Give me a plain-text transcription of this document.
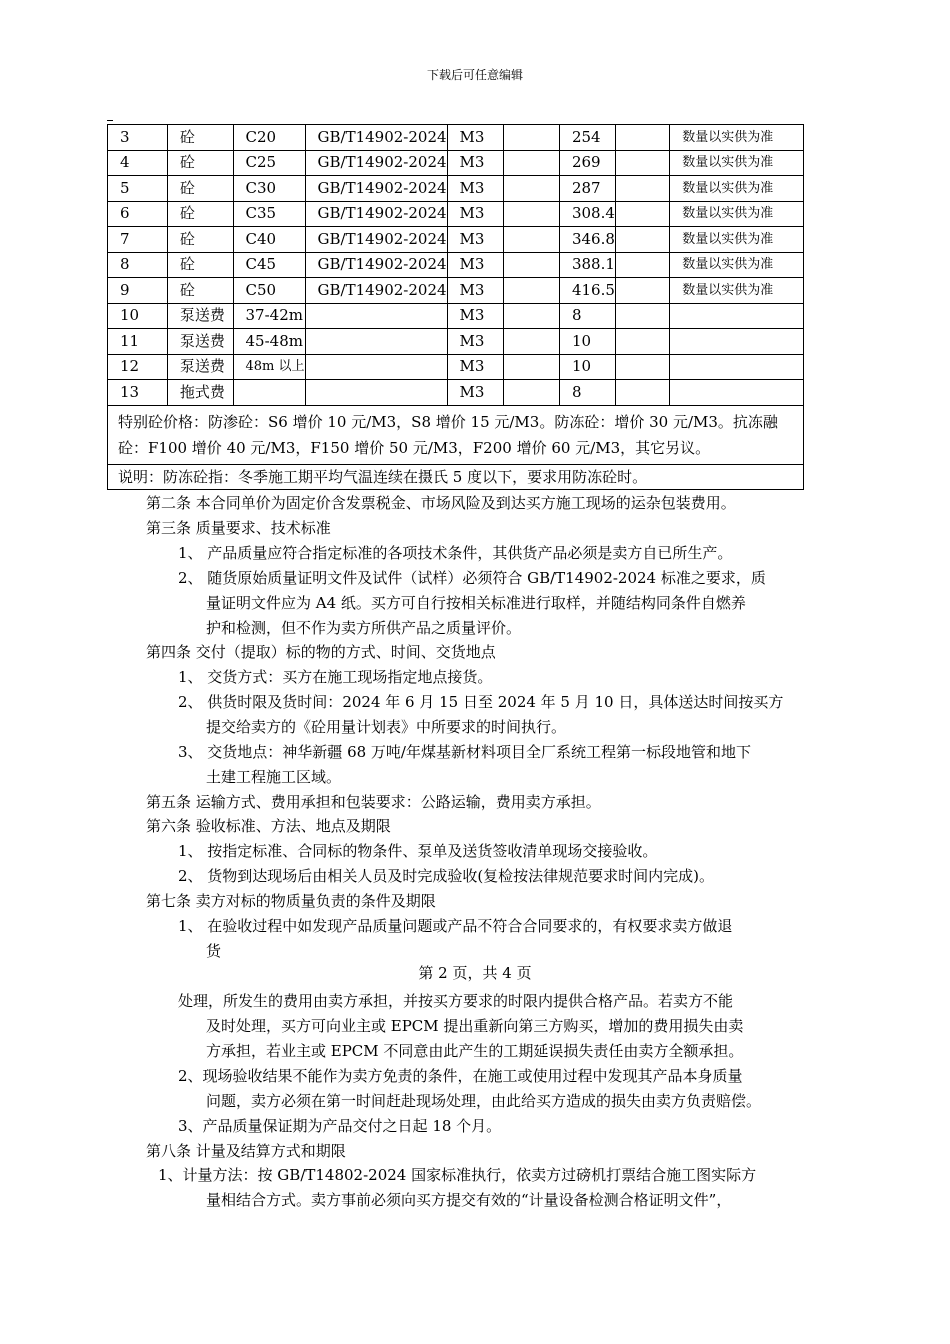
下载后可任意编辑
3	砼	C20	GB/T14902-2024	M3		254		数量以实供为准
4	砼	C25	GB/T14902-2024	M3		269		数量以实供为准
5	砼	C30	GB/T14902-2024	M3		287		数量以实供为准
6	砼	C35	GB/T14902-2024	M3		308.4		数量以实供为准
7	砼	C40	GB/T14902-2024	M3		346.8		数量以实供为准
8	砼	C45	GB/T14902-2024	M3		388.1		数量以实供为准
9	砼	C50	GB/T14902-2024	M3		416.5		数量以实供为准
10	泵送费	37-42m		M3		8		
11	泵送费	45-48m		M3		10		
12	泵送费	48m 以上		M3		10		
13	拖式费			M3		8		
特别砼价格：防渗砼：S6 增价 10 元/M3，S8 增价 15 元/M3。防冻砼：增价 30 元/M3。抗冻融砼：F100 增价 40 元/M3，F150 增价 50 元/M3，F200 增价 60 元/M3，其它另议。								
说明：防冻砼指：冬季施工期平均气温连续在摄氏 5 度以下，要求用防冻砼时。								
第二条 本合同单价为固定价含发票税金、市场风险及到达买方施工现场的运杂包装费用。
第三条 质量要求、技术标准
1、 产品质量应符合指定标准的各项技术条件，其供货产品必须是卖方自已所生产。
2、 随货原始质量证明文件及试件（试样）必须符合 GB/T14902-2024 标准之要求，质
量证明文件应为 A4 纸。买方可自行按相关标准进行取样，并随结构同条件自燃养
护和检测，但不作为卖方所供产品之质量评价。
第四条 交付（提取）标的物的方式、时间、交货地点
1、 交货方式：买方在施工现场指定地点接货。
2、 供货时限及货时间：2024 年 6 月 15 日至 2024 年 5 月 10 日，具体送达时间按买方
提交给卖方的《砼用量计划表》中所要求的时间执行。
3、 交货地点：神华新疆 68 万吨/年煤基新材料项目全厂系统工程第一标段地管和地下
土建工程施工区域。
第五条 运输方式、费用承担和包装要求：公路运输，费用卖方承担。
第六条 验收标准、方法、地点及期限
1、 按指定标准、合同标的物条件、泵单及送货签收清单现场交接验收。
2、 货物到达现场后由相关人员及时完成验收(复检按法律规范要求时间内完成)。
第七条 卖方对标的物质量负责的条件及期限
1、 在验收过程中如发现产品质量问题或产品不符合合同要求的，有权要求卖方做退
货
处理，所发生的费用由卖方承担，并按买方要求的时限内提供合格产品。若卖方不能
及时处理，买方可向业主或 EPCM 提出重新向第三方购买，增加的费用损失由卖
方承担，若业主或 EPCM 不同意由此产生的工期延误损失责任由卖方全额承担。
2、现场验收结果不能作为卖方免责的条件，在施工或使用过程中发现其产品本身质量
问题，卖方必须在第一时间赶赴现场处理，由此给买方造成的损失由卖方负责赔偿。
3、产品质量保证期为产品交付之日起 18 个月。
第八条 计量及结算方式和期限
1、计量方法：按 GB/T14802-2024 国家标准执行，依卖方过磅机打票结合施工图实际方
量相结合方式。卖方事前必须向买方提交有效的“计量设备检测合格证明文件”，
第 2 页，共 4 页
